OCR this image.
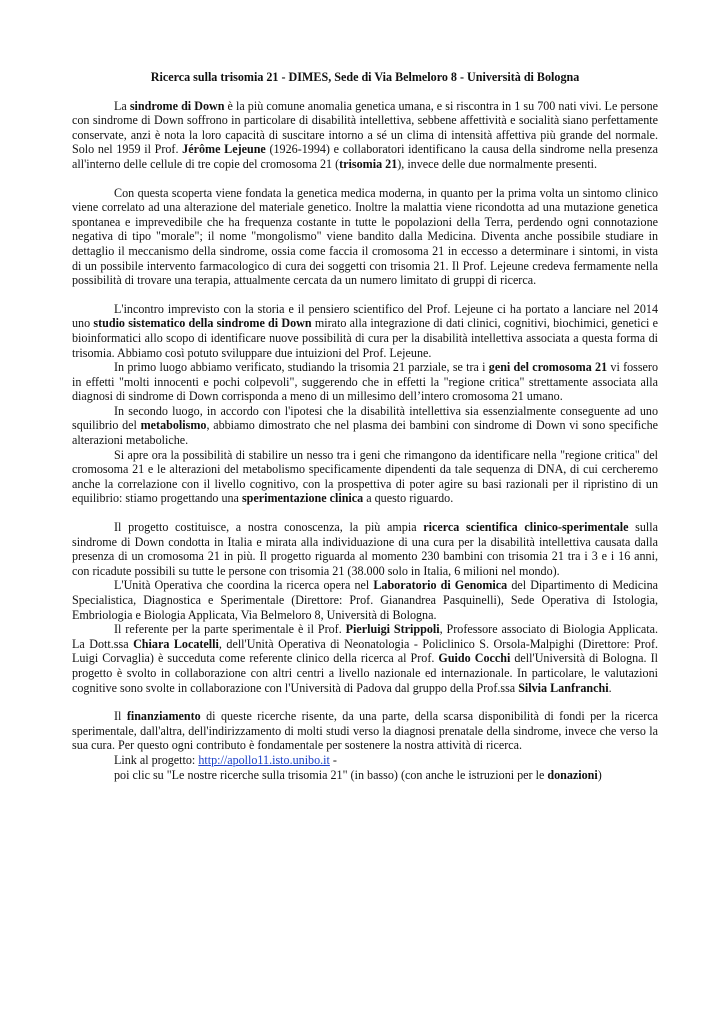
Ricerca sulla trisomia 21 - DIMES, Sede di Via Belmeloro 8 - Università di Bologna

La sindrome di Down è la più comune anomalia genetica umana, e si riscontra in 1 su 700 nati vivi. Le persone con sindrome di Down soffrono in particolare di disabilità intellettiva, sebbene affettività e socialità siano perfettamente conservate, anzi è nota la loro capacità di suscitare intorno a sé un clima di intensità affettiva più grande del normale. Solo nel 1959 il Prof. Jérôme Lejeune (1926-1994) e collaboratori identificano la causa della sindrome nella presenza all'interno delle cellule di tre copie del cromosoma 21 (trisomia 21), invece delle due normalmente presenti.

Con questa scoperta viene fondata la genetica medica moderna, in quanto per la prima volta un sintomo clinico viene correlato ad una alterazione del materiale genetico. Inoltre la malattia viene ricondotta ad una mutazione genetica spontanea e imprevedibile che ha frequenza costante in tutte le popolazioni della Terra, perdendo ogni connotazione negativa di tipo "morale"; il nome "mongolismo" viene bandito dalla Medicina. Diventa anche possibile studiare in dettaglio il meccanismo della sindrome, ossia come faccia il cromosoma 21 in eccesso a determinare i sintomi, in vista di un possibile intervento farmacologico di cura dei soggetti con trisomia 21. Il Prof. Lejeune credeva fermamente nella possibilità di trovare una terapia, attualmente cercata da un numero limitato di gruppi di ricerca.

L'incontro imprevisto con la storia e il pensiero scientifico del Prof. Lejeune ci ha portato a lanciare nel 2014 uno studio sistematico della sindrome di Down mirato alla integrazione di dati clinici, cognitivi, biochimici, genetici e bioinformatici allo scopo di identificare nuove possibilità di cura per la disabilità intellettiva associata a questa forma di trisomia. Abbiamo così potuto sviluppare due intuizioni del Prof. Lejeune.

In primo luogo abbiamo verificato, studiando la trisomia 21 parziale, se tra i geni del cromosoma 21 vi fossero in effetti "molti innocenti e pochi colpevoli", suggerendo che in effetti la "regione critica" strettamente associata alla diagnosi di sindrome di Down corrisponda a meno di un millesimo dell’intero cromosoma 21 umano.

In secondo luogo, in accordo con l'ipotesi che la disabilità intellettiva sia essenzialmente conseguente ad uno squilibrio del metabolismo, abbiamo dimostrato che nel plasma dei bambini con sindrome di Down vi sono specifiche alterazioni metaboliche.

Si apre ora la possibilità di stabilire un nesso tra i geni che rimangono da identificare nella "regione critica" del cromosoma 21 e le alterazioni del metabolismo specificamente dipendenti da tale sequenza di DNA, di cui cercheremo anche la correlazione con il livello cognitivo, con la prospettiva di poter agire su basi razionali per il ripristino di un equilibrio: stiamo progettando una sperimentazione clinica a questo riguardo.

Il progetto costituisce, a nostra conoscenza, la più ampia ricerca scientifica clinico-sperimentale sulla sindrome di Down condotta in Italia e mirata alla individuazione di una cura per la disabilità intellettiva causata dalla presenza di un cromosoma 21 in più. Il progetto riguarda al momento 230 bambini con trisomia 21 tra i 3 e i 16 anni, con ricadute possibili su tutte le persone con trisomia 21 (38.000 solo in Italia, 6 milioni nel mondo).

L'Unità Operativa che coordina la ricerca opera nel Laboratorio di Genomica del Dipartimento di Medicina Specialistica, Diagnostica e Sperimentale (Direttore: Prof. Gianandrea Pasquinelli), Sede Operativa di Istologia, Embriologia e Biologia Applicata, Via Belmeloro 8, Università di Bologna.

Il referente per la parte sperimentale è il Prof. Pierluigi Strippoli, Professore associato di Biologia Applicata. La Dott.ssa Chiara Locatelli, dell'Unità Operativa di Neonatologia - Policlinico S. Orsola-Malpighi (Direttore: Prof. Luigi Corvaglia) è succeduta come referente clinico della ricerca al Prof. Guido Cocchi dell'Università di Bologna. Il progetto è svolto in collaborazione con altri centri a livello nazionale ed internazionale. In particolare, le valutazioni cognitive sono svolte in collaborazione con l'Università di Padova dal gruppo della Prof.ssa Silvia Lanfranchi.

Il finanziamento di queste ricerche risente, da una parte, della scarsa disponibilità di fondi per la ricerca sperimentale, dall'altra, dell'indirizzamento di molti studi verso la diagnosi prenatale della sindrome, invece che verso la sua cura. Per questo ogni contributo è fondamentale per sostenere la nostra attività di ricerca.

Link al progetto: http://apollo11.isto.unibo.it -

poi clic su "Le nostre ricerche sulla trisomia 21" (in basso) (con anche le istruzioni per le donazioni)
